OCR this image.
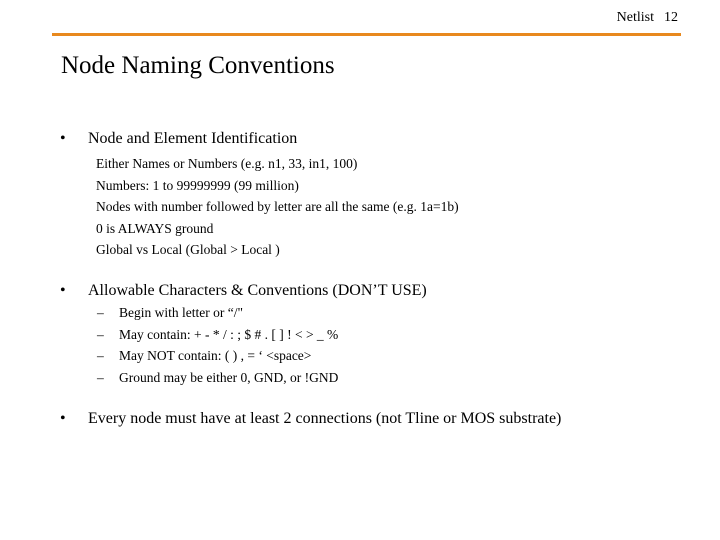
Netlist 12
Node Naming Conventions
• Node and Element Identification
Either Names or Numbers (e.g. n1, 33, in1, 100)
Numbers: 1 to 99999999 (99 million)
Nodes with number followed by letter are all the same (e.g. 1a=1b)
0 is ALWAYS ground
Global vs Local (Global > Local )
• Allowable Characters & Conventions (DON’T USE)
– Begin with letter or “/"
– May contain: + - * / : ; $ # . [ ] ! < > _ %
– May NOT contain: ( ) , = ‘ <space>
– Ground may be either 0, GND, or !GND
• Every node must have at least 2 connections (not Tline or MOS substrate)
